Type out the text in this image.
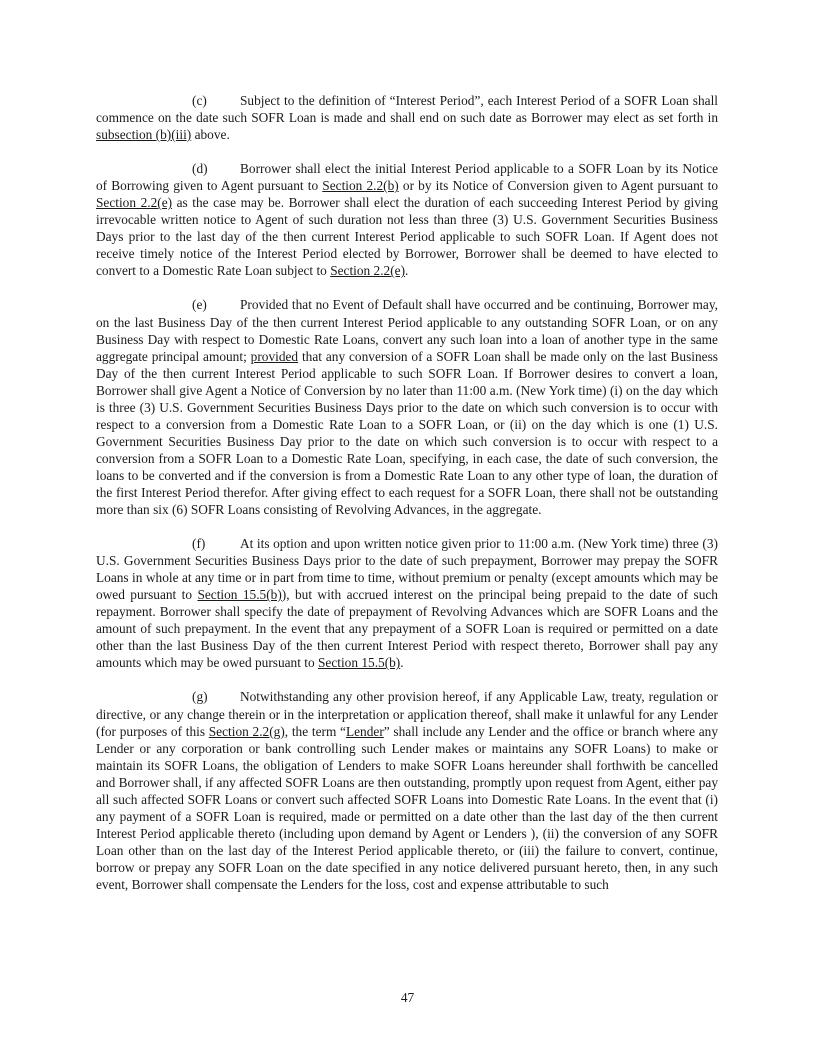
(c) Subject to the definition of “Interest Period”, each Interest Period of a SOFR Loan shall commence on the date such SOFR Loan is made and shall end on such date as Borrower may elect as set forth in subsection (b)(iii) above.

(d) Borrower shall elect the initial Interest Period applicable to a SOFR Loan by its Notice of Borrowing given to Agent pursuant to Section 2.2(b) or by its Notice of Conversion given to Agent pursuant to Section 2.2(e) as the case may be. Borrower shall elect the duration of each succeeding Interest Period by giving irrevocable written notice to Agent of such duration not less than three (3) U.S. Government Securities Business Days prior to the last day of the then current Interest Period applicable to such SOFR Loan. If Agent does not receive timely notice of the Interest Period elected by Borrower, Borrower shall be deemed to have elected to convert to a Domestic Rate Loan subject to Section 2.2(e).

(e) Provided that no Event of Default shall have occurred and be continuing, Borrower may, on the last Business Day of the then current Interest Period applicable to any outstanding SOFR Loan, or on any Business Day with respect to Domestic Rate Loans, convert any such loan into a loan of another type in the same aggregate principal amount; provided that any conversion of a SOFR Loan shall be made only on the last Business Day of the then current Interest Period applicable to such SOFR Loan. If Borrower desires to convert a loan, Borrower shall give Agent a Notice of Conversion by no later than 11:00 a.m. (New York time) (i) on the day which is three (3) U.S. Government Securities Business Days prior to the date on which such conversion is to occur with respect to a conversion from a Domestic Rate Loan to a SOFR Loan, or (ii) on the day which is one (1) U.S. Government Securities Business Day prior to the date on which such conversion is to occur with respect to a conversion from a SOFR Loan to a Domestic Rate Loan, specifying, in each case, the date of such conversion, the loans to be converted and if the conversion is from a Domestic Rate Loan to any other type of loan, the duration of the first Interest Period therefor. After giving effect to each request for a SOFR Loan, there shall not be outstanding more than six (6) SOFR Loans consisting of Revolving Advances, in the aggregate.

(f)	At its option and upon written notice given prior to 11:00 a.m. (New York time) three (3) U.S. Government Securities Business Days prior to the date of such prepayment, Borrower may prepay the SOFR Loans in whole at any time or in part from time to time, without premium or penalty (except amounts which may be owed pursuant to Section 15.5(b)), but with accrued interest on the principal being prepaid to the date of such repayment. Borrower shall specify the date of prepayment of Revolving Advances which are SOFR Loans and the amount of such prepayment. In the event that any prepayment of a SOFR Loan is required or permitted on a date other than the last Business Day of the then current Interest Period with respect thereto, Borrower shall pay any amounts which may be owed pursuant to Section 15.5(b).

(g) Notwithstanding any other provision hereof, if any Applicable Law, treaty, regulation or directive, or any change therein or in the interpretation or application thereof, shall make it unlawful for any Lender (for purposes of this Section 2.2(g), the term “Lender” shall include any Lender and the office or branch where any Lender or any corporation or bank controlling such Lender makes or maintains any SOFR Loans) to make or maintain its SOFR Loans, the obligation of Lenders to make SOFR Loans hereunder shall forthwith be cancelled and Borrower shall, if any affected SOFR Loans are then outstanding, promptly upon request from Agent, either pay all such affected SOFR Loans or convert such affected SOFR Loans into Domestic Rate Loans. In the event that (i) any payment of a SOFR Loan is required, made or permitted on a date other than the last day of the then current Interest Period applicable thereto (including upon demand by Agent or Lenders ), (ii) the conversion of any SOFR Loan other than on the last day of the Interest Period applicable thereto, or (iii) the failure to convert, continue, borrow or prepay any SOFR Loan on the date specified in any notice delivered pursuant hereto, then, in any such event, Borrower shall compensate the Lenders for the loss, cost and expense attributable to such

47
